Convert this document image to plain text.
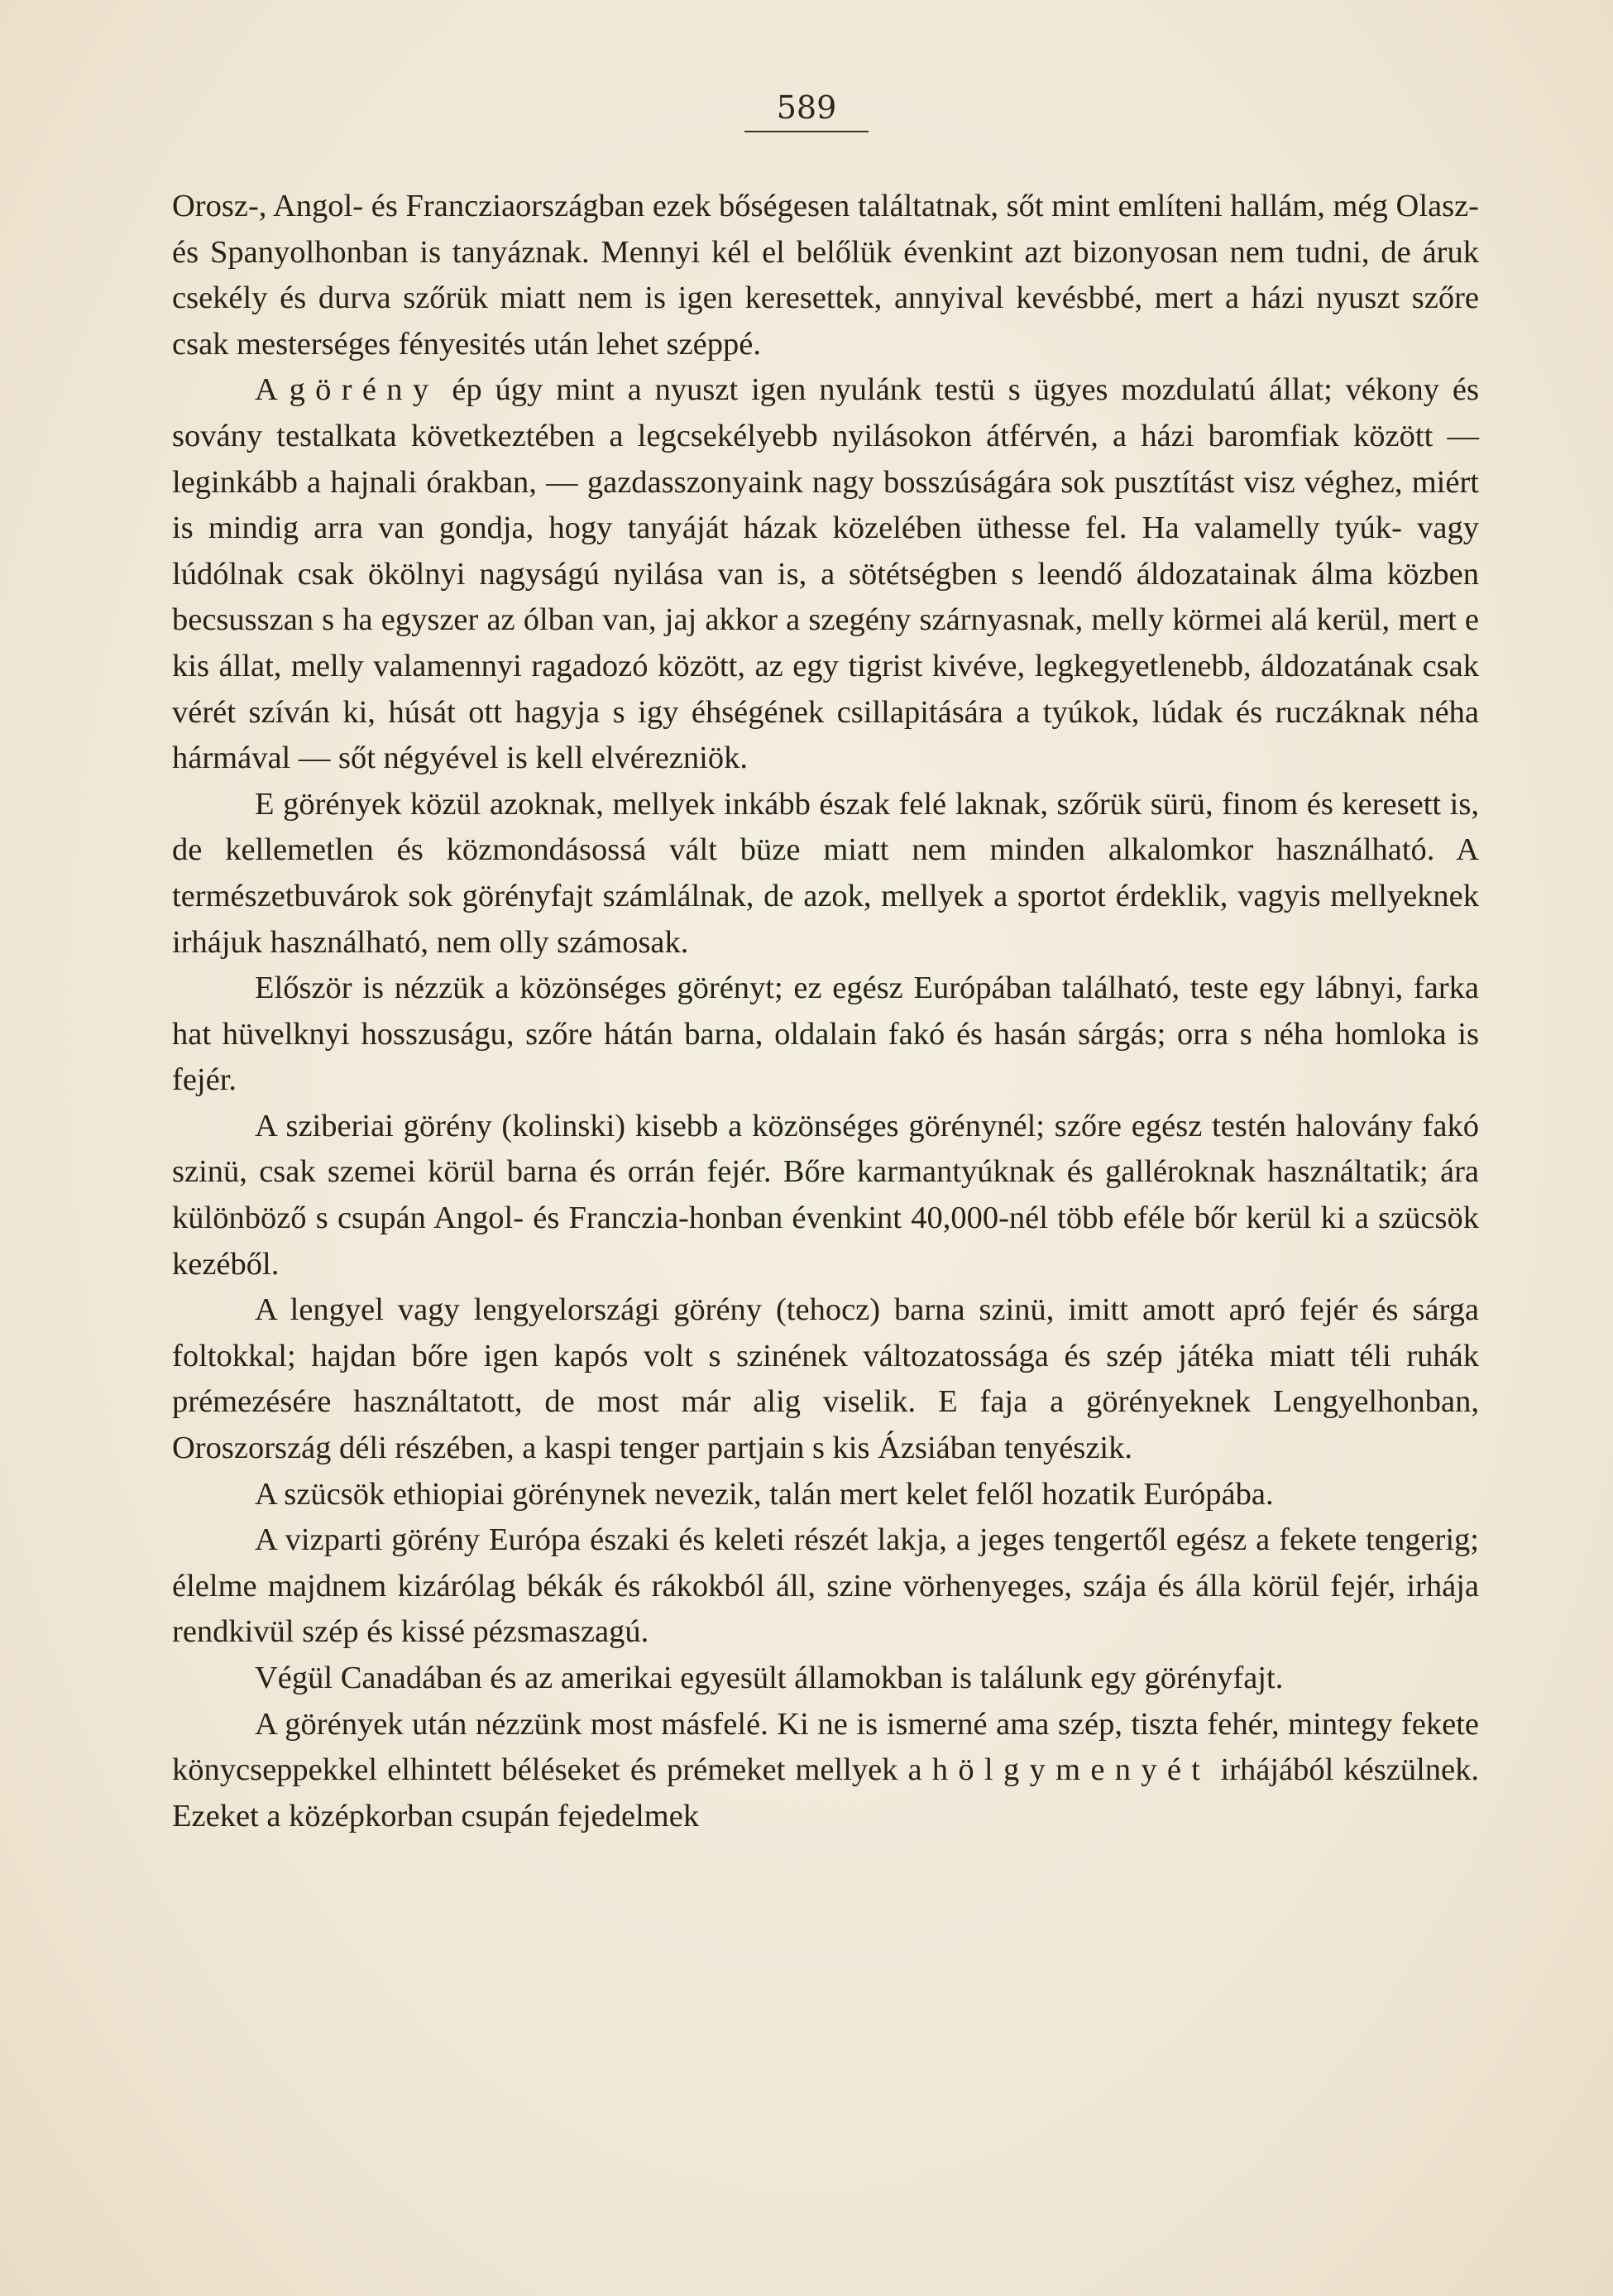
589

Orosz-, Angol- és Francziaországban ezek bőségesen találtatnak, sőt mint említeni hallám, még Olasz- és Spanyolhonban is tanyáznak. Mennyi kél el belőlük évenkint azt bizonyosan nem tudni, de áruk csekély és durva szőrük miatt nem is igen keresettek, annyival kevésbbé, mert a házi nyuszt szőre csak mesterséges fényesités után lehet széppé.

A görény ép úgy mint a nyuszt igen nyulánk testü s ügyes mozdulatú állat; vékony és sovány testalkata következtében a legcsekélyebb nyilásokon átférvén, a házi baromfiak között — leginkább a hajnali órakban, — gazdasszonyaink nagy bosszúságára sok pusztítást visz véghez, miért is mindig arra van gondja, hogy tanyáját házak közelében üthesse fel. Ha valamelly tyúk- vagy lúdólnak csak ökölnyi nagyságú nyilása van is, a sötétségben s leendő áldozatainak álma közben becsusszan s ha egyszer az ólban van, jaj akkor a szegény szárnyasnak, melly körmei alá kerül, mert e kis állat, melly valamennyi ragadozó között, az egy tigrist kivéve, legkegyetlenebb, áldozatának csak vérét szíván ki, húsát ott hagyja s igy éhségének csillapitására a tyúkok, lúdak és ruczáknak néha hármával — sőt négyével is kell elvérezniök.

E görények közül azoknak, mellyek inkább észak felé laknak, szőrük sürü, finom és keresett is, de kellemetlen és közmondásossá vált büze miatt nem minden alkalomkor használható. A természetbuvárok sok görényfajt számlálnak, de azok, mellyek a sportot érdeklik, vagyis mellyeknek irhájuk használható, nem olly számosak.

Először is nézzük a közönséges görényt; ez egész Európában található, teste egy lábnyi, farka hat hüvelknyi hosszuságu, szőre hátán barna, oldalain fakó és hasán sárgás; orra s néha homloka is fejér.

A sziberiai görény (kolinski) kisebb a közönséges görénynél; szőre egész testén halovány fakó szinü, csak szemei körül barna és orrán fejér. Bőre karmantyúknak és galléroknak használtatik; ára különböző s csupán Angol- és Franczia-honban évenkint 40,000-nél több eféle bőr kerül ki a szücsök kezéből.

A lengyel vagy lengyelországi görény (tehocz) barna szinü, imitt amott apró fejér és sárga foltokkal; hajdan bőre igen kapós volt s szinének változatossága és szép játéka miatt téli ruhák prémezésére használtatott, de most már alig viselik. E faja a görényeknek Lengyelhonban, Oroszország déli részében, a kaspi tenger partjain s kis Ázsiában tenyészik.

A szücsök ethiopiai görénynek nevezik, talán mert kelet felől hozatik Európába.

A vizparti görény Európa északi és keleti részét lakja, a jeges tengertől egész a fekete tengerig; élelme majdnem kizárólag békák és rákokból áll, szine vörhenyeges, szája és álla körül fejér, irhája rendkivül szép és kissé pézsmaszagú.

Végül Canadában és az amerikai egyesült államokban is találunk egy görényfajt.

A görények után nézzünk most másfelé. Ki ne is ismerné ama szép, tiszta fehér, mintegy fekete könycseppekkel elhintett béléseket és prémeket mellyek a hölgymenyét irhájából készülnek. Ezeket a középkorban csupán fejedelmek
